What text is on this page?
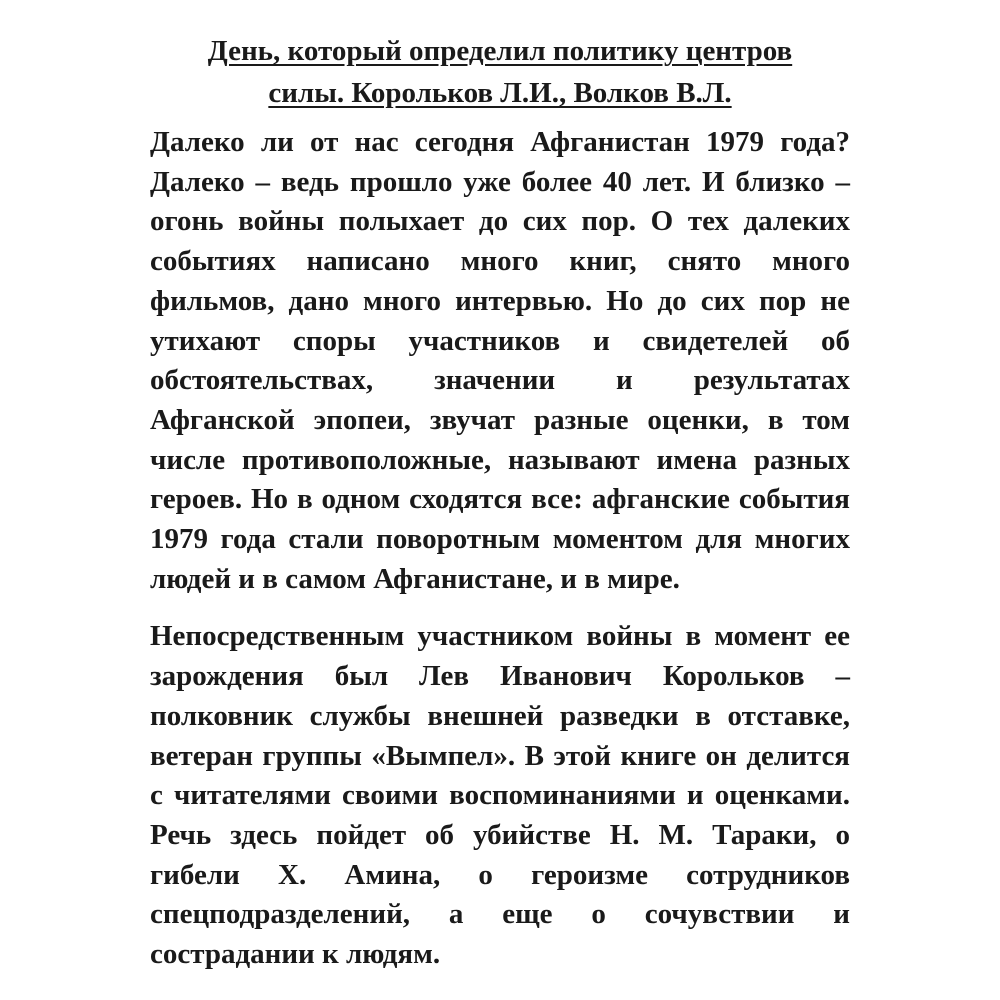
День, который определил политику центров
силы. Корольков Л.И., Волков В.Л.

Далеко ли от нас сегодня Афганистан 1979 года?
Далеко – ведь прошло уже более 40 лет. И близко –
огонь войны полыхает до сих пор. О тех далеких
событиях написано много книг, снято много
фильмов, дано много интервью. Но до сих пор не
утихают споры участников и свидетелей об
обстоятельствах, значении и результатах
Афганской эпопеи, звучат разные оценки, в том
числе противоположные, называют имена разных
героев. Но в одном сходятся все: афганские события
1979 года стали поворотным моментом для многих
людей и в самом Афганистане, и в мире.

Непосредственным участником войны в момент ее
зарождения был Лев Иванович Корольков –
полковник службы внешней разведки в отставке,
ветеран группы «Вымпел». В этой книге он делится
с читателями своими воспоминаниями и оценками.
Речь здесь пойдет об убийстве Н. М. Тараки, о
гибели Х. Амина, о героизме сотрудников
спецподразделений, а еще о сочувствии и
сострадании к людям.
